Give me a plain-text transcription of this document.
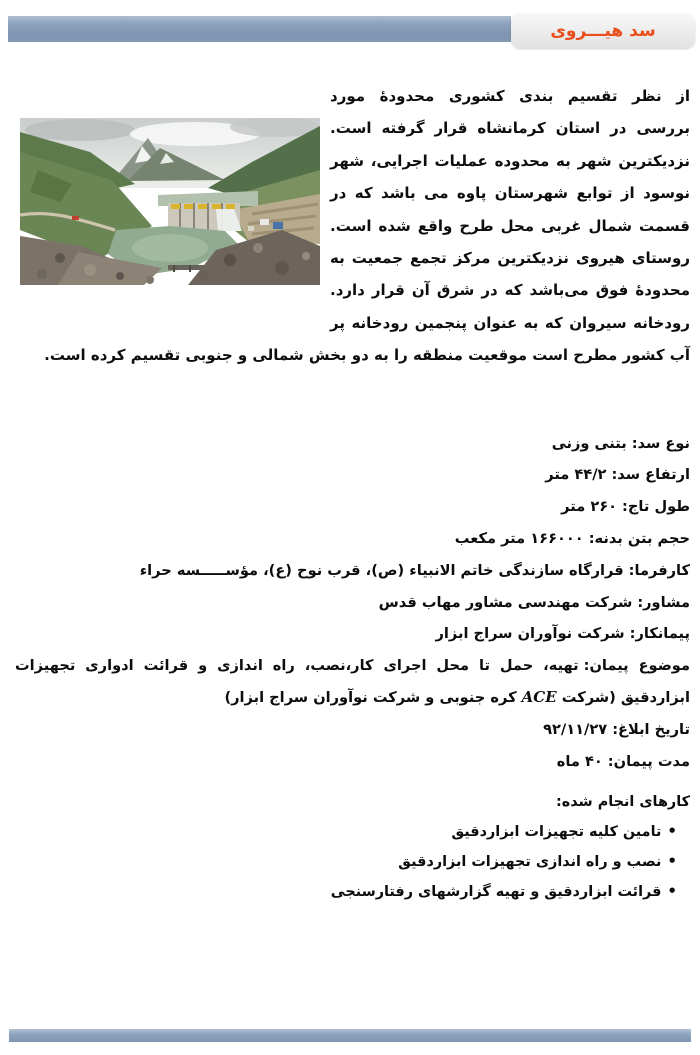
سد هیـــروی

از نظر تقسیم بندی کشوری محدودۀ مورد بررسی در استان کرمانشاه قرار گرفته است. نزدیکترین شهر به محدوده عملیات اجرایی، شهر نوسود از توابع شهرستان پاوه می باشد که در قسمت شمال غربی محل طرح واقع شده است. روستای هیروی نزدیکترین مرکز تجمع جمعیت به محدودۀ فوق می‌باشد که در شرق آن قرار دارد. رودخانه سیروان که به عنوان پنجمین رودخانه پر آب کشور مطرح است موقعیت منطقه را به دو بخش شمالی و جنوبی تقسیم کرده است.

نوع سد:بتنی وزنی
ارتفاع سد:۴۴/۲ متر
طول تاج:۲۶۰ متر
حجم بتن بدنه:۱۶۶۰۰۰ متر مکعب
کارفرما:قرارگاه سازندگی خاتم الانبیاء (ص)، قرب نوح (ع)، مؤســـــسه حراء
مشاور:شرکت مهندسی مشاور مهاب قدس
پیمانکار:شرکت نوآوران سراج ابزار
موضوع پیمان:تهیه، حمل تا محل اجرای کار،نصب، راه اندازی و قرائت ادواری تجهیزات ابزاردقیق (شرکت ACE کره جنوبی و شرکت نوآوران سراج ابزار)
تاریخ ابلاغ:۹۲/۱۱/۲۷
مدت پیمان:۴۰ ماه
کارهای انجام شده:
•تامین کلیه تجهیزات ابزاردقیق
•نصب و راه اندازی تجهیزات ابزاردقیق
•قرائت ابزاردقیق و تهیه گزارشهای رفتارسنجی
